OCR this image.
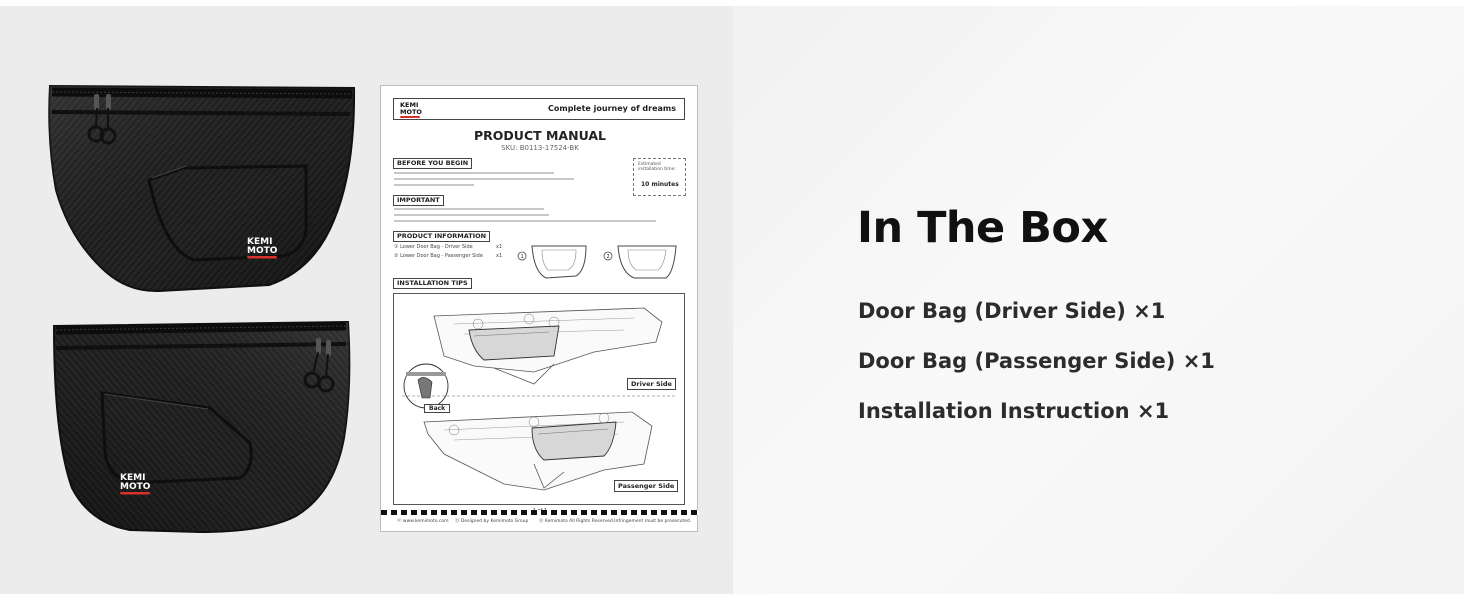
KEMI
MOTO
KEMI
MOTO
KEMI
MOTO	Complete journey of dreams
PRODUCT MANUAL
SKU: B0113-17524-BK
Estimated installation time:
10 minutes
BEFORE YOU BEGIN
IMPORTANT
PRODUCT INFORMATION
① Lower Door Bag - Driver Side	x1
② Lower Door Bag - Passenger Side	x1	1	2
INSTALLATION TIPS
Driver Side
Passenger Side
Back
ⓦ www.kemimoto.com Ⓓ Designed by Kemimoto Group Ⓚ Kemimoto All Rights Reserved.Infringement must be prosecuted.
In The Box

Door Bag (Driver Side) ×1

Door Bag (Passenger Side) ×1

Installation Instruction ×1
